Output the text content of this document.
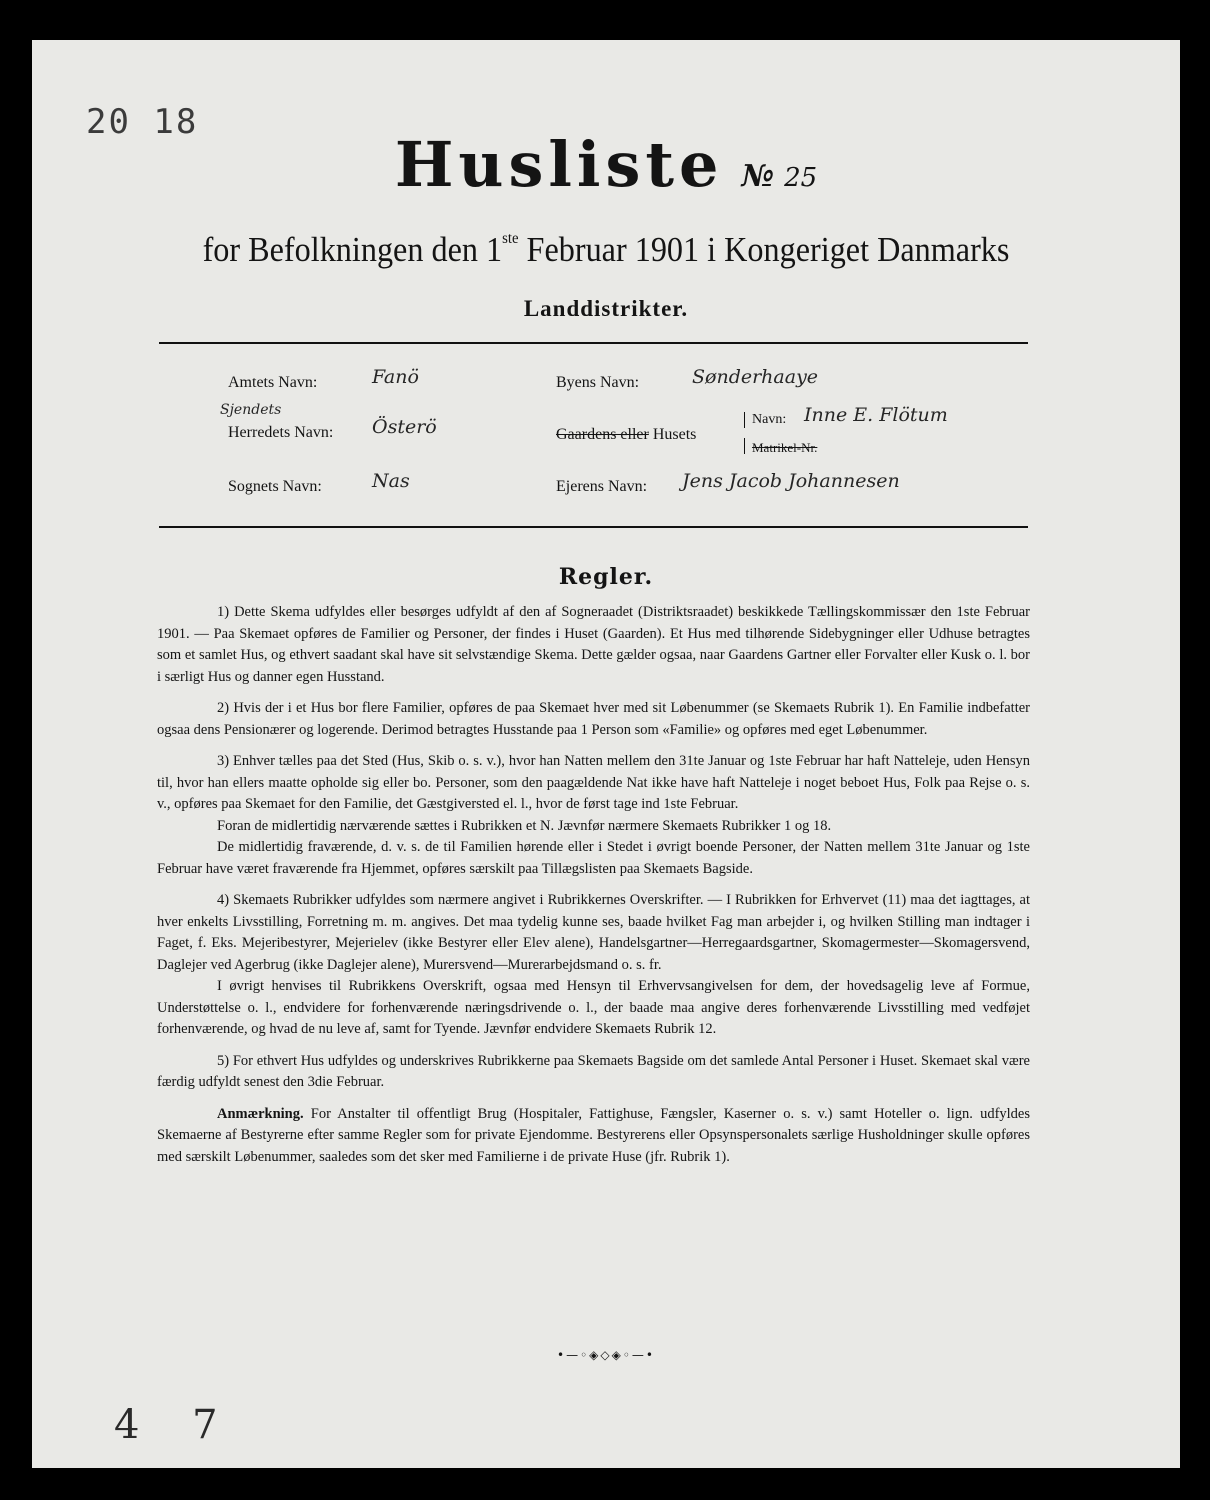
20 18
Husliste № 25
for Befolkningen den 1ste Februar 1901 i Kongeriget Danmarks
Landdistrikter.
Amtets Navn:	Fanö
Sjendets
Herredets Navn: Österö
Sognets Navn:	Nas
Byens Navn:	Sønderhaaye
Gaardens eller Husets
Navn: Inne E. Flötum
Matrikel-Nr.
Ejerens Navn: Jens Jacob Johannesen
Regler.

1) Dette Skema udfyldes eller besørges udfyldt af den af Sogneraadet (Distriktsraadet) beskikkede Tællingskommissær den 1ste Februar 1901. — Paa Skemaet opføres de Familier og Personer, der findes i Huset (Gaarden). Et Hus med tilhørende Sidebygninger eller Udhuse betragtes som et samlet Hus, og ethvert saadant skal have sit selvstændige Skema. Dette gælder ogsaa, naar Gaardens Gartner eller Forvalter eller Kusk o. l. bor i særligt Hus og danner egen Husstand.

2) Hvis der i et Hus bor flere Familier, opføres de paa Skemaet hver med sit Løbenummer (se Skemaets Rubrik 1). En Familie indbefatter ogsaa dens Pensionærer og logerende. Derimod betragtes Husstande paa 1 Person som «Familie» og opføres med eget Løbenummer.

3) Enhver tælles paa det Sted (Hus, Skib o. s. v.), hvor han Natten mellem den 31te Januar og 1ste Februar har haft Natteleje, uden Hensyn til, hvor han ellers maatte opholde sig eller bo. Personer, som den paagældende Nat ikke have haft Natteleje i noget beboet Hus, Folk paa Rejse o. s. v., opføres paa Skemaet for den Familie, det Gæstgiversted el. l., hvor de først tage ind 1ste Februar.

Foran de midlertidig nærværende sættes i Rubrikken et N. Jævnfør nærmere Skemaets Rubrikker 1 og 18.

De midlertidig fraværende, d. v. s. de til Familien hørende eller i Stedet i øvrigt boende Personer, der Natten mellem 31te Januar og 1ste Februar have været fraværende fra Hjemmet, opføres særskilt paa Tillægslisten paa Skemaets Bagside.

4) Skemaets Rubrikker udfyldes som nærmere angivet i Rubrikkernes Overskrifter. — I Rubrikken for Erhvervet (11) maa det iagttages, at hver enkelts Livsstilling, Forretning m. m. angives. Det maa tydelig kunne ses, baade hvilket Fag man arbejder i, og hvilken Stilling man indtager i Faget, f. Eks. Mejeribestyrer, Mejerielev (ikke Bestyrer eller Elev alene), Handelsgartner—Herregaardsgartner, Skomagermester—Skomagersvend, Daglejer ved Agerbrug (ikke Daglejer alene), Murersvend—Murerarbejdsmand o. s. fr.

I øvrigt henvises til Rubrikkens Overskrift, ogsaa med Hensyn til Erhvervsangivelsen for dem, der hovedsagelig leve af Formue, Understøttelse o. l., endvidere for forhenværende næringsdrivende o. l., der baade maa angive deres forhenværende Livsstilling med vedføjet forhenværende, og hvad de nu leve af, samt for Tyende. Jævnfør endvidere Skemaets Rubrik 12.

5) For ethvert Hus udfyldes og underskrives Rubrikkerne paa Skemaets Bagside om det samlede Antal Personer i Huset. Skemaet skal være færdig udfyldt senest den 3die Februar.

Anmærkning. For Anstalter til offentligt Brug (Hospitaler, Fattighuse, Fængsler, Kaserner o. s. v.) samt Hoteller o. lign. udfyldes Skemaerne af Bestyrerne efter samme Regler som for private Ejendomme. Bestyrerens eller Opsynspersonalets særlige Husholdninger skulle opføres med særskilt Løbenummer, saaledes som det sker med Familierne i de private Huse (jfr. Rubrik 1).

•—◦◈◇◈◦—•
4 7
